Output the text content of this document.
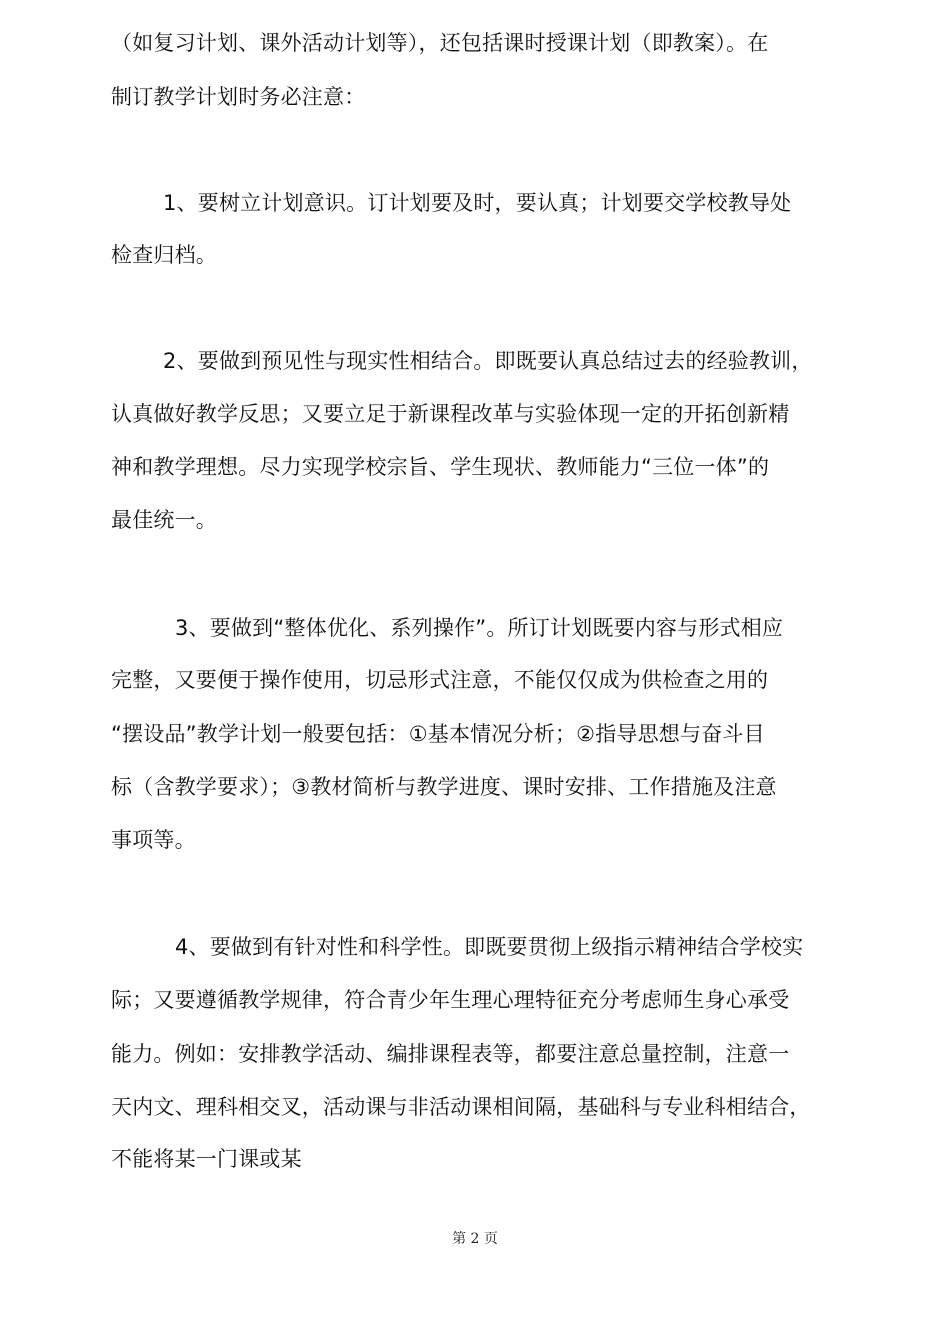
（如复习计划、课外活动计划等），还包括课时授课计划（即教案）。在
制订教学计划时务必注意：
1、要树立计划意识。订计划要及时，要认真；计划要交学校教导处
检查归档。
2、要做到预见性与现实性相结合。即既要认真总结过去的经验教训，
认真做好教学反思；又要立足于新课程改革与实验体现一定的开拓创新精
神和教学理想。尽力实现学校宗旨、学生现状、教师能力“三位一体”的
最佳统一。
3、要做到“整体优化、系列操作”。所订计划既要内容与形式相应
完整，又要便于操作使用，切忌形式注意，不能仅仅成为供检查之用的
“摆设品”教学计划一般要包括：①基本情况分析；②指导思想与奋斗目
标（含教学要求）；③教材简析与教学进度、课时安排、工作措施及注意
事项等。
4、要做到有针对性和科学性。即既要贯彻上级指示精神结合学校实
际；又要遵循教学规律，符合青少年生理心理特征充分考虑师生身心承受
能力。例如：安排教学活动、编排课程表等，都要注意总量控制，注意一
天内文、理科相交叉，活动课与非活动课相间隔，基础科与专业科相结合，
不能将某一门课或某
第 2 页
